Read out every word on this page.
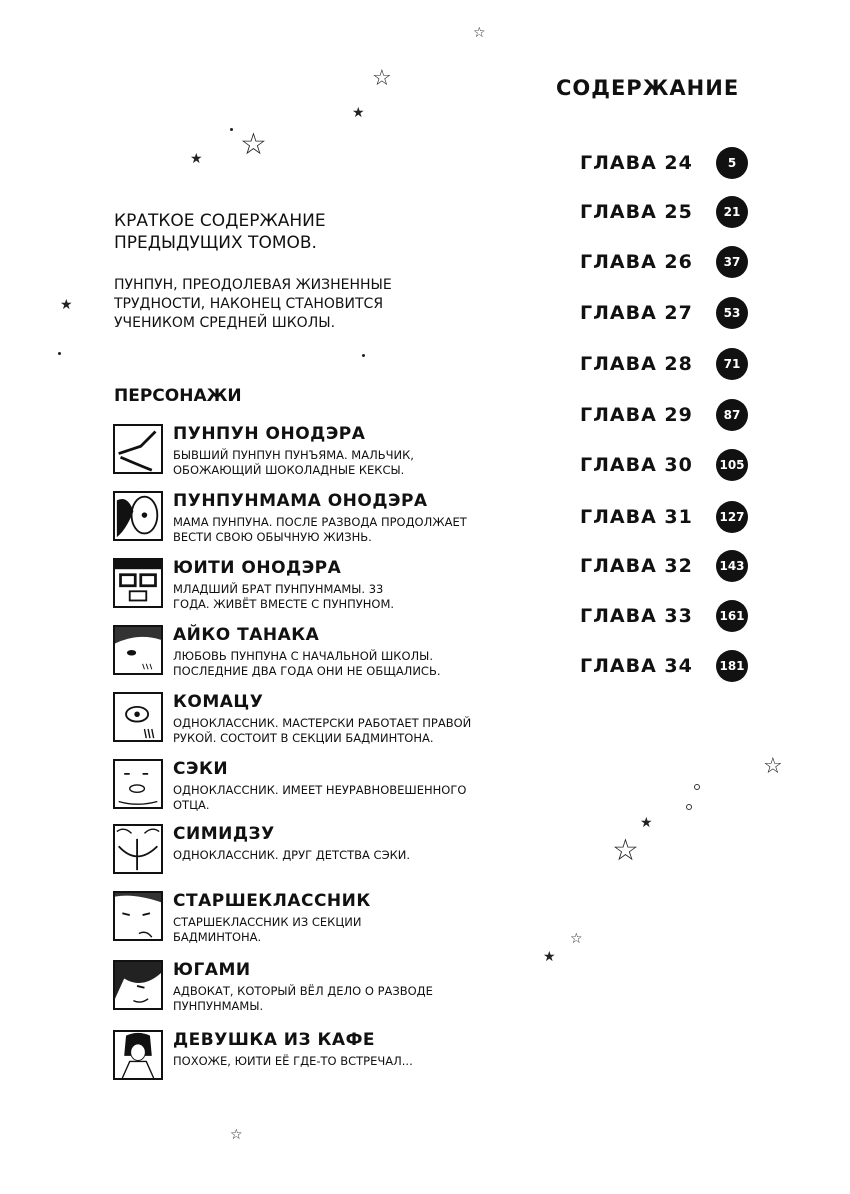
СОДЕРЖАНИЕ
ГЛАВА 24	5
ГЛАВА 25	21
ГЛАВА 26	37
ГЛАВА 27	53
ГЛАВА 28	71
ГЛАВА 29	87
ГЛАВА 30	105
ГЛАВА 31	127
ГЛАВА 32	143
ГЛАВА 33	161
ГЛАВА 34	181
КРАТКОЕ СОДЕРЖАНИЕ
ПРЕДЫДУЩИХ ТОМОВ.
ПУНПУН, ПРЕОДОЛЕВАЯ ЖИЗНЕННЫЕ
ТРУДНОСТИ, НАКОНЕЦ СТАНОВИТСЯ
УЧЕНИКОМ СРЕДНЕЙ ШКОЛЫ.
ПЕРСОНАЖИ
ПУНПУН ОНОДЭРА
БЫВШИЙ ПУНПУН ПУНЪЯМА. МАЛЬЧИК,
ОБОЖАЮЩИЙ ШОКОЛАДНЫЕ КЕКСЫ.
ПУНПУНМАМА ОНОДЭРА
МАМА ПУНПУНА. ПОСЛЕ РАЗВОДА ПРОДОЛЖАЕТ
ВЕСТИ СВОЮ ОБЫЧНУЮ ЖИЗНЬ.
ЮИТИ ОНОДЭРА
МЛАДШИЙ БРАТ ПУНПУНМАМЫ. 33
ГОДА. ЖИВЁТ ВМЕСТЕ С ПУНПУНОМ.
АЙКО ТАНАКА
ЛЮБОВЬ ПУНПУНА С НАЧАЛЬНОЙ ШКОЛЫ.
ПОСЛЕДНИЕ ДВА ГОДА ОНИ НЕ ОБЩАЛИСЬ.
КОМАЦУ
ОДНОКЛАССНИК. МАСТЕРСКИ РАБОТАЕТ ПРАВОЙ
РУКОЙ. СОСТОИТ В СЕКЦИИ БАДМИНТОНА.
СЭКИ
ОДНОКЛАССНИК. ИМЕЕТ НЕУРАВНОВЕШЕННОГО
ОТЦА.
СИМИДЗУ
ОДНОКЛАССНИК. ДРУГ ДЕТСТВА СЭКИ.
СТАРШЕКЛАССНИК
СТАРШЕКЛАССНИК ИЗ СЕКЦИИ
БАДМИНТОНА.
ЮГАМИ
АДВОКАТ, КОТОРЫЙ ВЁЛ ДЕЛО О РАЗВОДЕ
ПУНПУНМАМЫ.
ДЕВУШКА ИЗ КАФЕ
ПОХОЖЕ, ЮИТИ ЕЁ ГДЕ-ТО ВСТРЕЧАЛ...
☆
☆
★
☆
★
★
☆
★
☆
☆
★
☆
